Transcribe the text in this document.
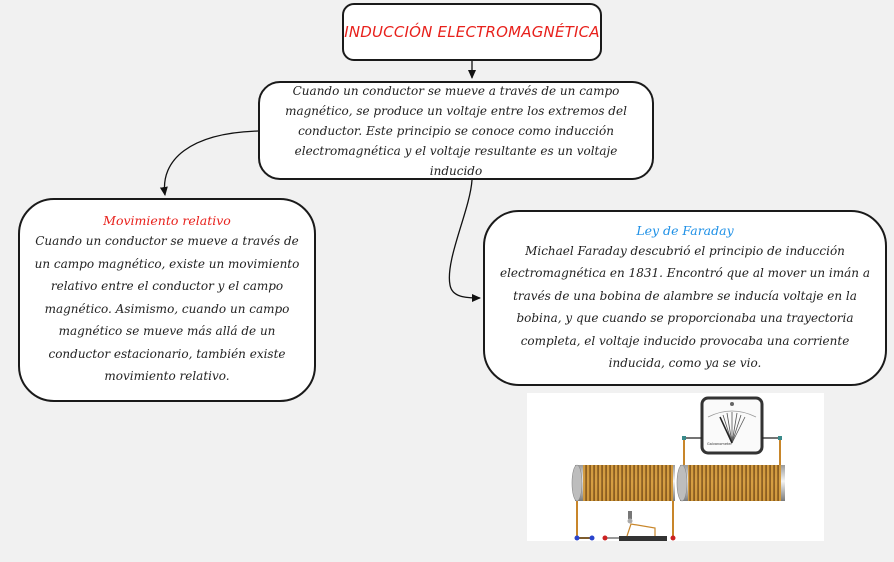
INDUCCIÓN ELECTROMAGNÉTICA

Cuando un conductor se mueve a través de un campo magnético, se produce un voltaje entre los extremos del conductor. Este principio se conoce como inducción electromagnética y el voltaje resultante es un voltaje inducido

Movimiento relativo

Cuando un conductor se mueve a través de un campo magnético, existe un movimiento relativo entre el conductor y el campo magnético. Asimismo, cuando un campo magnético se mueve más allá de un conductor estacionario, también existe movimiento relativo.

Ley de Faraday

Michael Faraday descubrió el principio de inducción electromagnética en 1831. Encontró que al mover un imán a través de una bobina de alambre se inducía voltaje en la bobina, y que cuando se proporcionaba una trayectoria completa, el voltaje inducido provocaba una corriente inducida, como ya se vio.

Galvanometer
